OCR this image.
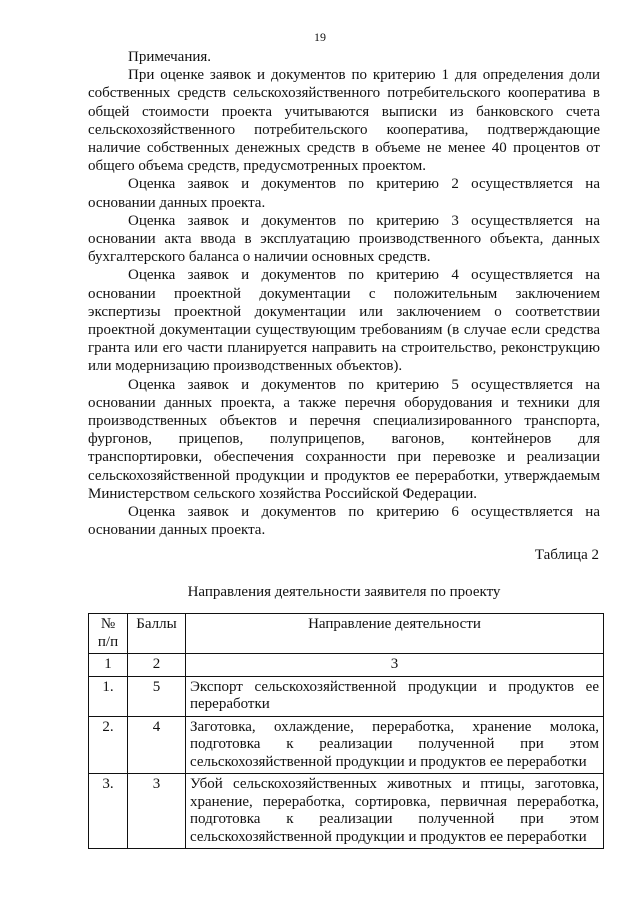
19

Примечания.

При оценке заявок и документов по критерию 1 для определения доли собственных средств сельскохозяйственного потребительского кооператива в общей стоимости проекта учитываются выписки из банковского счета сельскохозяйственного потребительского кооператива, подтверждающие наличие собственных денежных средств в объеме не менее 40 процентов от общего объема средств, предусмотренных проектом.

Оценка заявок и документов по критерию 2 осуществляется на основании данных проекта.

Оценка заявок и документов по критерию 3 осуществляется на основании акта ввода в эксплуатацию производственного объекта, данных бухгалтерского баланса о наличии основных средств.

Оценка заявок и документов по критерию 4 осуществляется на основании проектной документации с положительным заключением экспертизы проектной документации или заключением о соответствии проектной документации существующим требованиям (в случае если средства гранта или его части планируется направить на строительство, реконструкцию или модернизацию производственных объектов).

Оценка заявок и документов по критерию 5 осуществляется на основании данных проекта, а также перечня оборудования и техники для производственных объектов и перечня специализированного транспорта, фургонов, прицепов, полуприцепов, вагонов, контейнеров для транспортировки, обеспечения сохранности при перевозке и реализации сельскохозяйственной продукции и продуктов ее переработки, утверждаемым Министерством сельского хозяйства Российской Федерации.

Оценка заявок и документов по критерию 6 осуществляется на основании данных проекта.

Таблица 2
Направления деятельности заявителя по проекту
№ п/п	Баллы	Направление деятельности
1	2	3
1.	5	Экспорт сельскохозяйственной продукции и продуктов ее переработки
2.	4	Заготовка, охлаждение, переработка, хранение молока, подготовка к реализации полученной при этом сельскохозяйственной продукции и продуктов ее переработки
3.	3	Убой сельскохозяйственных животных и птицы, заготовка, хранение, переработка, сортировка, первичная переработка, подготовка к реализации полученной при этом сельскохозяйственной продукции и продуктов ее переработки
